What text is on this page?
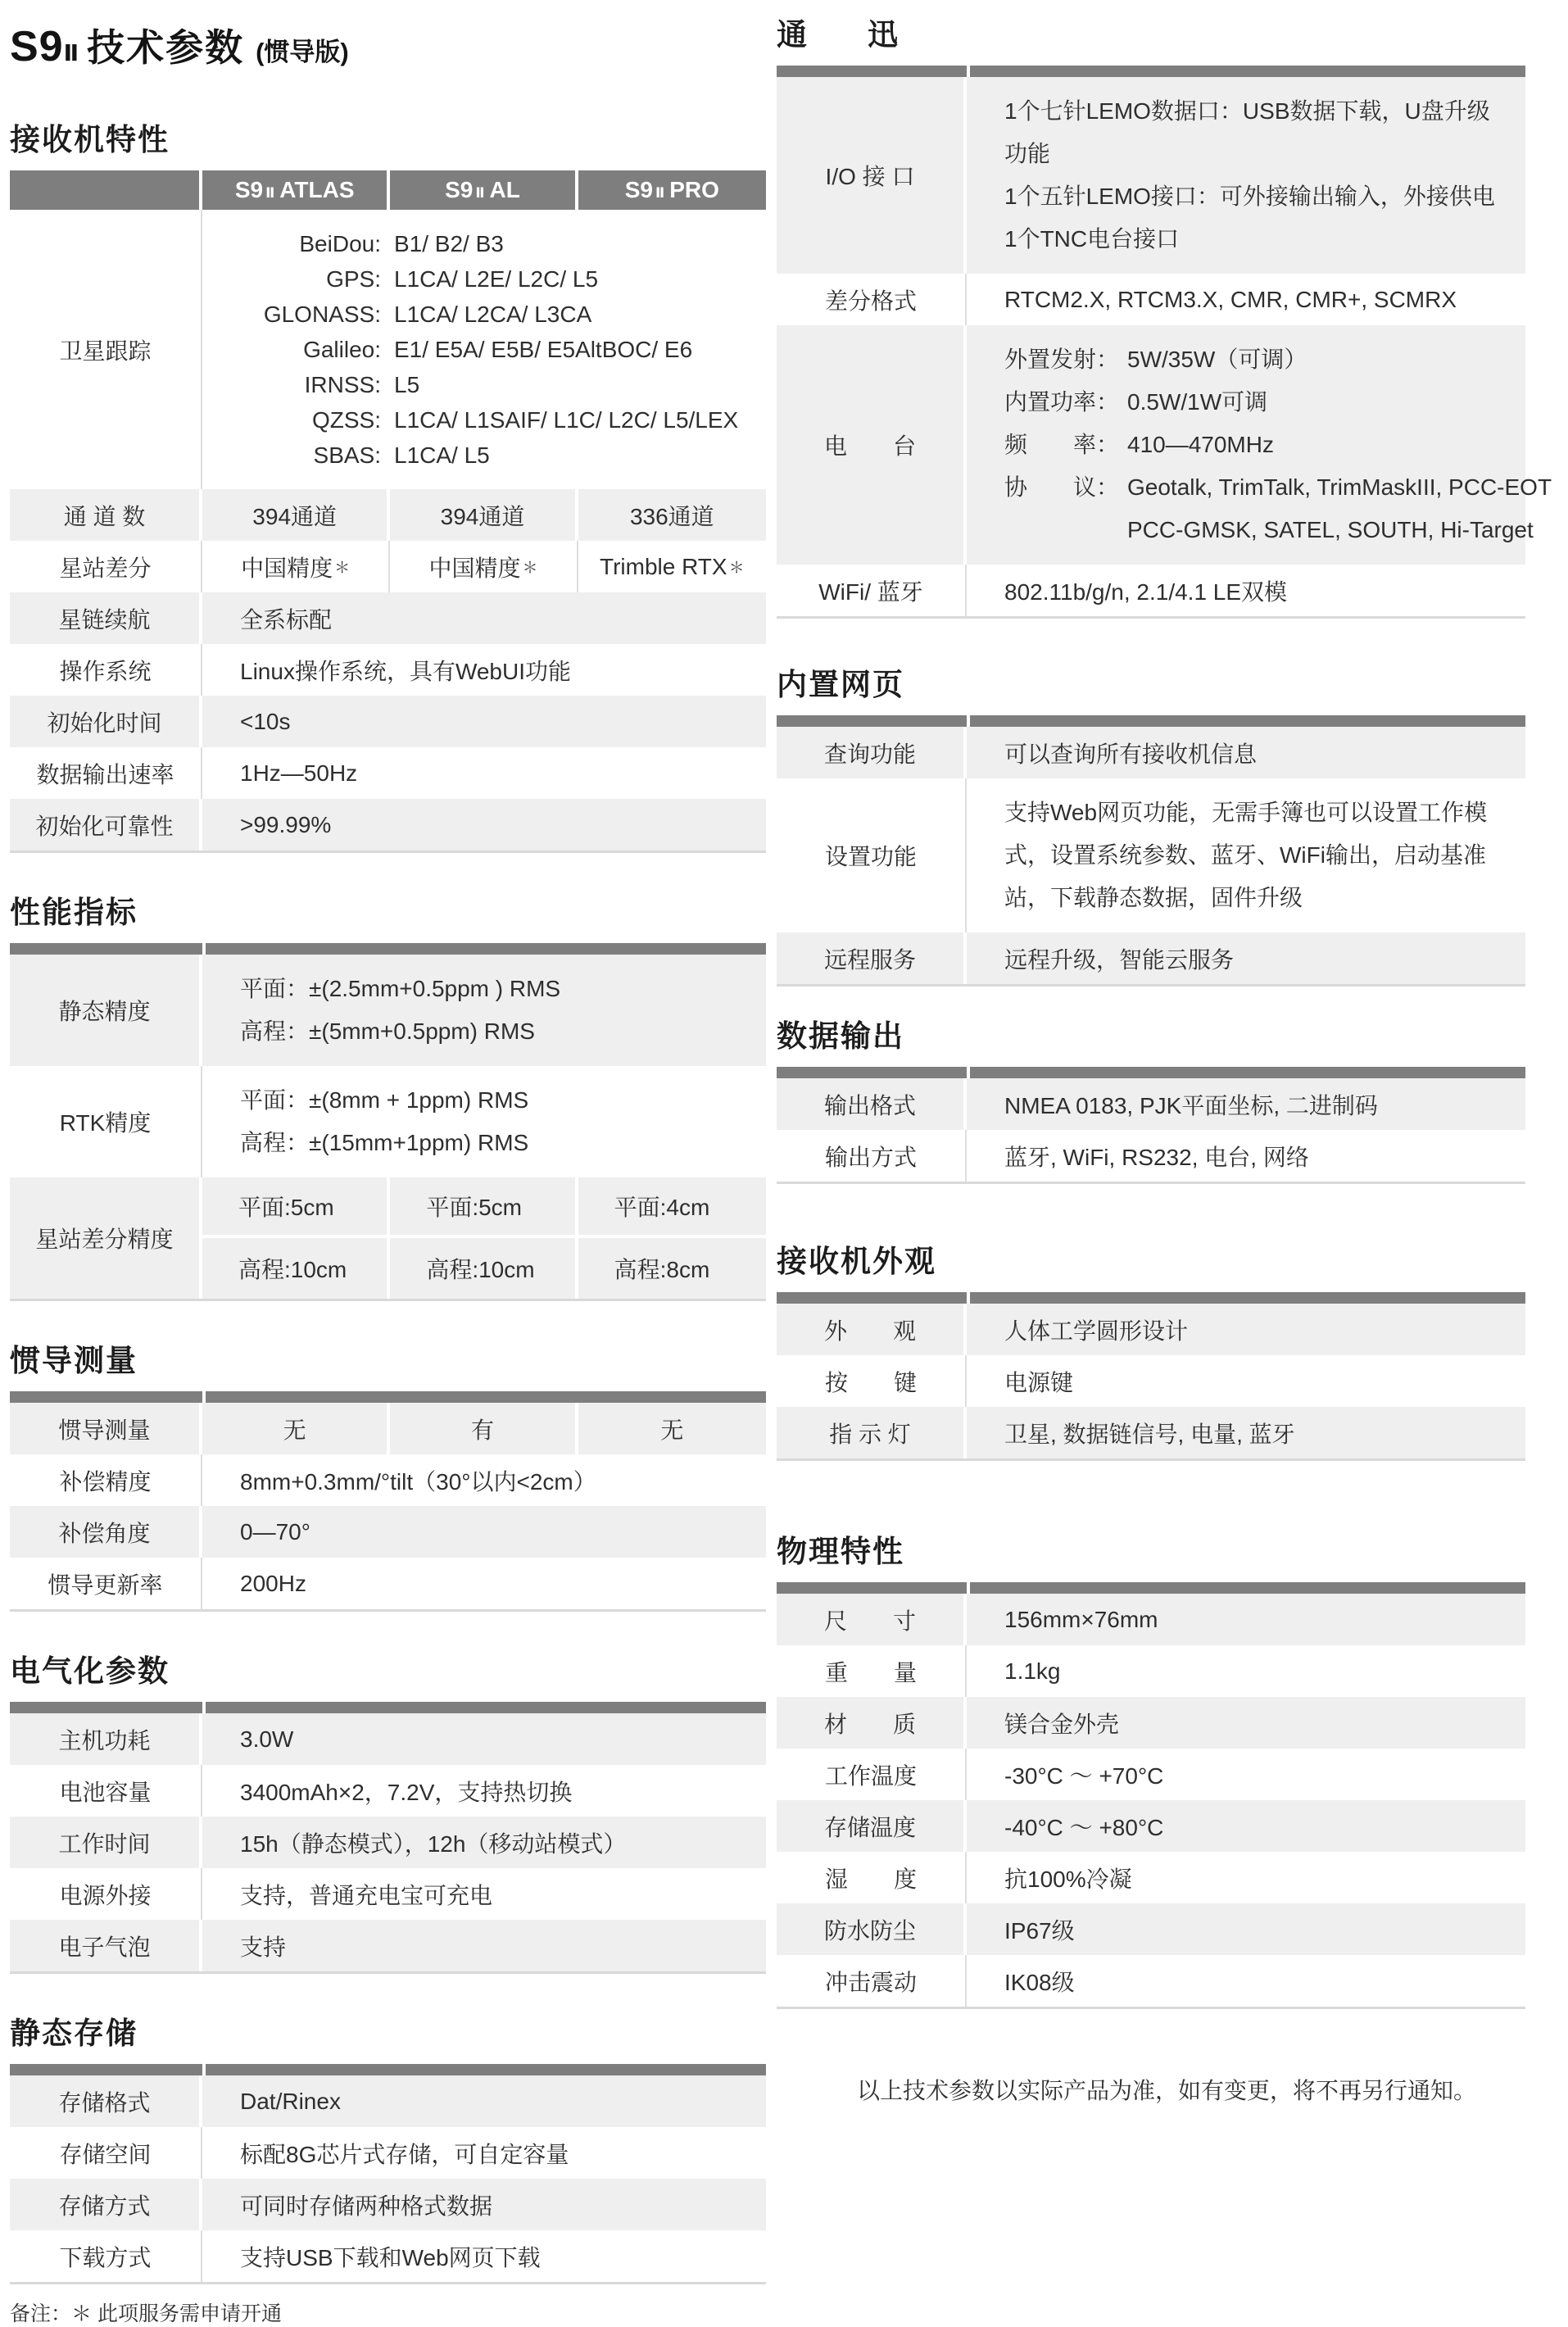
S9Ⅱ 技术参数 (惯导版)
接收机特性
S9 Ⅱ ATLAS	S9 Ⅱ AL	S9 Ⅱ PRO
卫星跟踪
BeiDou: B1/ B2/ B3
GPS: L1CA/ L2E/ L2C/ L5
GLONASS: L1CA/ L2CA/ L3CA
Galileo: E1/ E5A/ E5B/ E5AltBOC/ E6
IRNSS: L5
QZSS: L1CA/ L1SAIF/ L1C/ L2C/ L5/LEX
SBAS: L1CA/ L5
通 道 数	394通道	394通道	336通道
星站差分	中国精度 ＊	中国精度 ＊	Trimble RTX ＊
星链续航	全系标配
操作系统	Linux操作系统，具有WebUI功能
初始化时间	<10s
数据输出速率	1Hz—50Hz
初始化可靠性	>99.99%
性能指标
静态精度
平面：±(2.5mm+0.5ppm ) RMS
高程：±(5mm+0.5ppm) RMS
RTK精度
平面：±(8mm + 1ppm) RMS
高程：±(15mm+1ppm) RMS
星站差分精度
平面:5cm	平面:5cm	平面:4cm
高程:10cm	高程:10cm	高程:8cm
惯导测量
惯导测量	无	有	无
补偿精度	8mm+0.3mm/°tilt（30°以内<2cm）
补偿角度	0—70°
惯导更新率	200Hz
电气化参数
主机功耗	3.0W
电池容量	3400mAh×2，7.2V，支持热切换
工作时间	15h（静态模式），12h（移动站模式）
电源外接	支持，普通充电宝可充电
电子气泡	支持
静态存储
存储格式	Dat/Rinex
存储空间	标配8G芯片式存储，可自定容量
存储方式	可同时存储两种格式数据
下载方式	支持USB下载和Web网页下载
备注：＊ 此项服务需申请开通
通　　迅
I/O 接 口
1个七针LEMO数据口：USB数据下载，U盘升级功能
1个五针LEMO接口：可外接输出输入，外接供电
1个TNC电台接口
差分格式	RTCM2.X, RTCM3.X, CMR, CMR+, SCMRX
电　　台
外置发射： 5W/35W（可调）
内置功率： 0.5W/1W可调
频　　率： 410—470MHz
协　　议： Geotalk, TrimTalk, TrimMaskIII, PCC-EOT
PCC-GMSK, SATEL, SOUTH, Hi-Target
WiFi/ 蓝牙	802.11b/g/n, 2.1/4.1 LE双模
内置网页
查询功能	可以查询所有接收机信息
设置功能
支持Web网页功能，无需手簿也可以设置工作模式，设置系统参数、蓝牙、WiFi输出，启动基准站，下载静态数据，固件升级
远程服务	远程升级，智能云服务
数据输出
输出格式	NMEA 0183, PJK平面坐标, 二进制码
输出方式	蓝牙, WiFi, RS232, 电台, 网络
接收机外观
外　　观	人体工学圆形设计
按　　键	电源键
指 示 灯	卫星, 数据链信号, 电量, 蓝牙
物理特性
尺　　寸	156mm×76mm
重　　量	1.1kg
材　　质	镁合金外壳
工作温度	-30°C ～ +70°C
存储温度	-40°C ～ +80°C
湿　　度	抗100%冷凝
防水防尘	IP67级
冲击震动	IK08级
以上技术参数以实际产品为准，如有变更，将不再另行通知。
